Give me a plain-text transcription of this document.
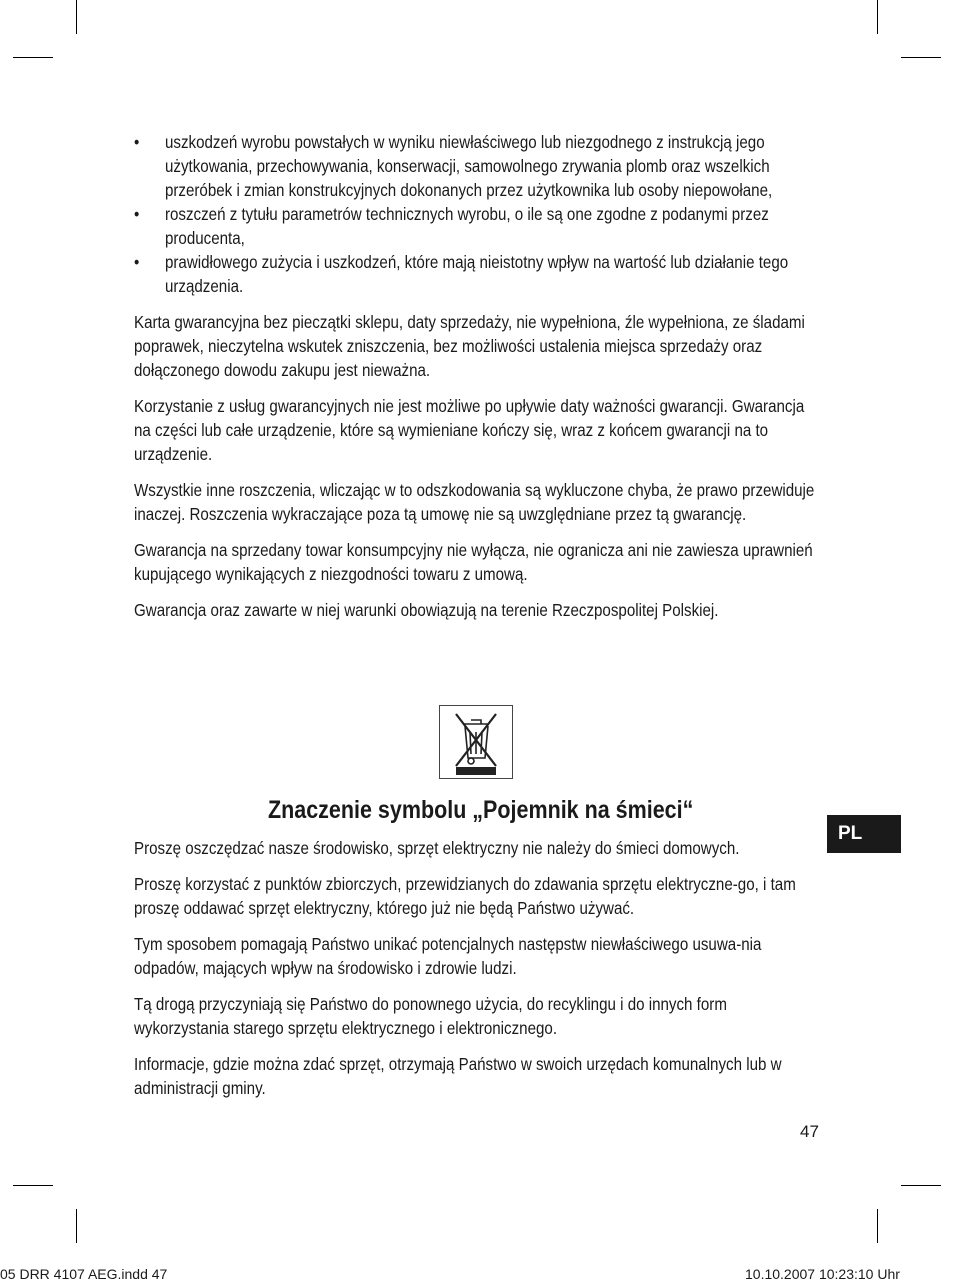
• uszkodzeń wyrobu powstałych w wyniku niewłaściwego lub niezgodnego z instrukcją jego użytkowania, przechowywania, konserwacji, samowolnego zrywania plomb oraz wszelkich przeróbek i zmian konstrukcyjnych dokonanych przez użytkownika lub osoby niepowołane,
• roszczeń z tytułu parametrów technicznych wyrobu, o ile są one zgodne z podanymi przez producenta,
• prawidłowego zużycia i uszkodzeń, które mają nieistotny wpływ na wartość lub działanie tego urządzenia.

Karta gwarancyjna bez pieczątki sklepu, daty sprzedaży, nie wypełniona, źle wypełniona, ze śladami poprawek, nieczytelna wskutek zniszczenia, bez możliwości ustalenia miejsca sprzedaży oraz dołączonego dowodu zakupu jest nieważna.

Korzystanie z usług gwarancyjnych nie jest możliwe po upływie daty ważności gwarancji. Gwarancja na części lub całe urządzenie, które są wymieniane kończy się, wraz z końcem gwarancji na to urządzenie.

Wszystkie inne roszczenia, wliczając w to odszkodowania są wykluczone chyba, że prawo przewiduje inaczej. Roszczenia wykraczające poza tą umowę nie są uwzględniane przez tą gwarancję.

Gwarancja na sprzedany towar konsumpcyjny nie wyłącza, nie ogranicza ani nie zawiesza uprawnień kupującego wynikających z niezgodności towaru z umową.

Gwarancja oraz zawarte w niej warunki obowiązują na terenie Rzeczpospolitej Polskiej.

Znaczenie symbolu „Pojemnik na śmieci“

Proszę oszczędzać nasze środowisko, sprzęt elektryczny nie należy do śmieci domowych.

Proszę korzystać z punktów zbiorczych, przewidzianych do zdawania sprzętu elektryczne-go, i tam proszę oddawać sprzęt elektryczny, którego już nie będą Państwo używać.

Tym sposobem pomagają Państwo unikać potencjalnych następstw niewłaściwego usuwa-nia odpadów, mających wpływ na środowisko i zdrowie ludzi.

Tą drogą przyczyniają się Państwo do ponownego użycia, do recyklingu i do innych form wykorzystania starego sprzętu elektrycznego i elektronicznego.

Informacje, gdzie można zdać sprzęt, otrzymają Państwo w swoich urzędach komunalnych lub w administracji gminy.

PL
47
05 DRR 4107 AEG.indd 47	10.10.2007 10:23:10 Uhr
